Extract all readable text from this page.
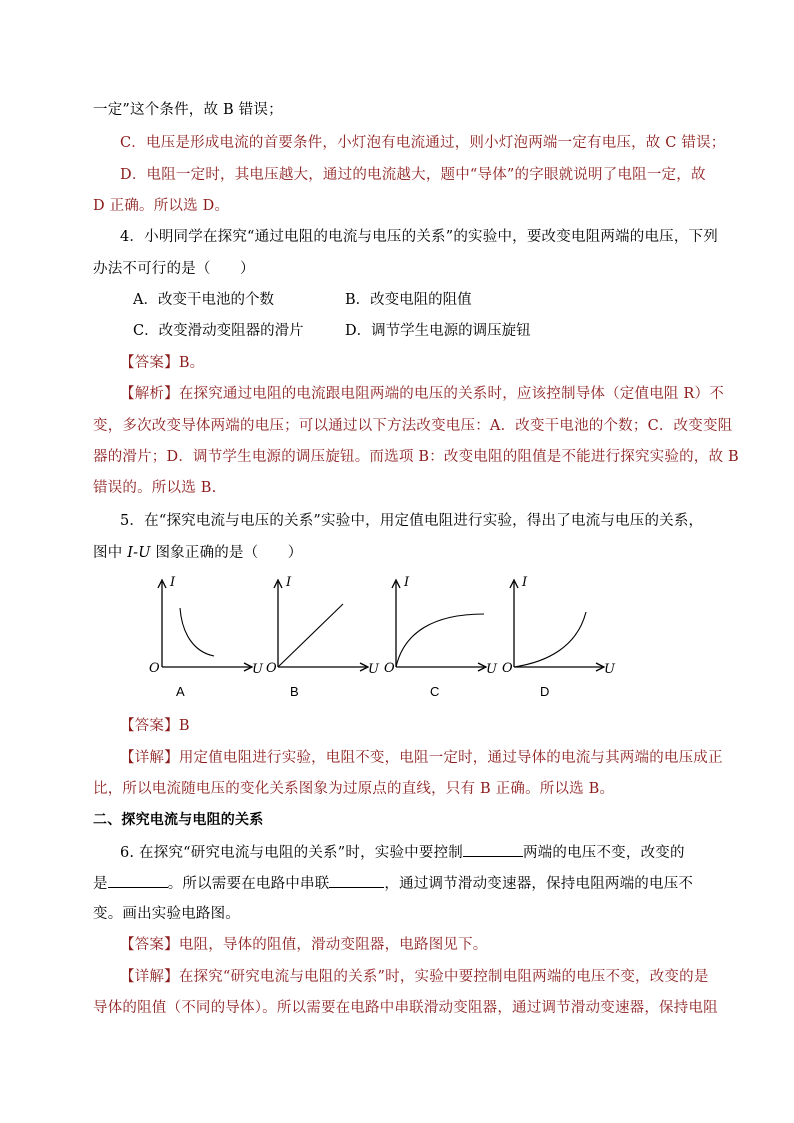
一定”这个条件，故 B 错误；
C．电压是形成电流的首要条件，小灯泡有电流通过，则小灯泡两端一定有电压，故 C 错误；
D．电阻一定时，其电压越大，通过的电流越大，题中“导体”的字眼就说明了电阻一定，故
D 正确。所以选 D。
4．小明同学在探究“通过电阻的电流与电压的关系”的实验中，要改变电阻两端的电压，下列
办法不可行的是（　　）
A．改变干电池的个数	B．改变电阻的阻值
C．改变滑动变阻器的滑片	D．调节学生电源的调压旋钮
【答案】B。
【解析】在探究通过电阻的电流跟电阻两端的电压的关系时，应该控制导体（定值电阻 R）不
变，多次改变导体两端的电压；可以通过以下方法改变电压：A．改变干电池的个数；C．改变变阻
器的滑片；D．调节学生电源的调压旋钮。而选项 B：改变电阻的阻值是不能进行探究实验的，故 B
错误的。所以选 B.
5．在“探究电流与电压的关系”实验中，用定值电阻进行实验，得出了电流与电压的关系，
图中 I-U 图象正确的是（　　）
I
U
O
A
I
U
O
B
I
U
O
C
I
U
O
D
【答案】B
【详解】用定值电阻进行实验，电阻不变，电阻一定时，通过导体的电流与其两端的电压成正
比，所以电流随电压的变化关系图象为过原点的直线，只有 B 正确。所以选 B。
二、探究电流与电阻的关系
6. 在探究“研究电流与电阻的关系”时，实验中要控制	两端的电压不变，改变的
是	。所以需要在电路中串联	，通过调节滑动变速器，保持电阻两端的电压不
变。画出实验电路图。
【答案】电阻，导体的阻值，滑动变阻器，电路图见下。
【详解】在探究“研究电流与电阻的关系”时，实验中要控制电阻两端的电压不变，改变的是
导体的阻值（不同的导体）。所以需要在电路中串联滑动变阻器，通过调节滑动变速器，保持电阻
